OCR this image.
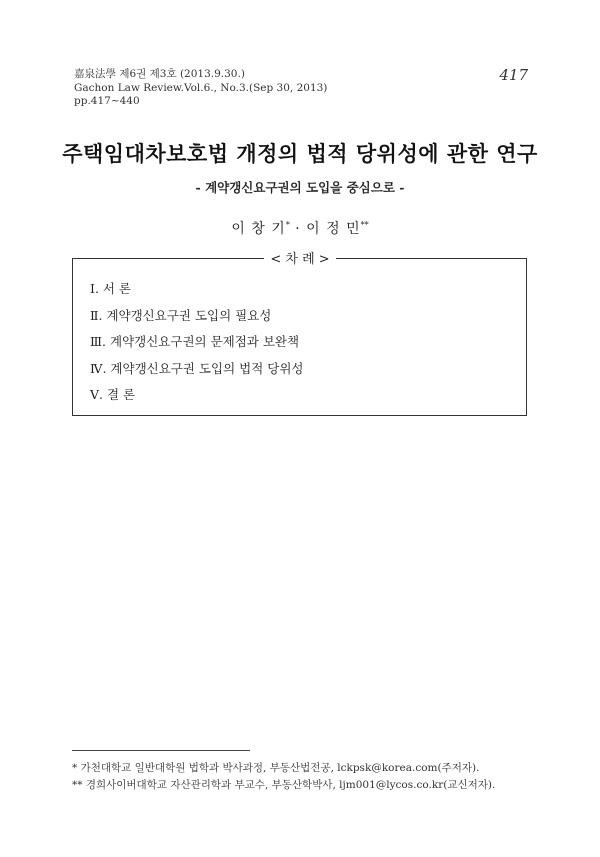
嘉泉法學 제6권 제3호 (2013.9.30.)
Gachon Law Review.Vol.6., No.3.(Sep 30, 2013)
pp.417~440
417
주택임대차보호법 개정의 법적 당위성에 관한 연구
- 계약갱신요구권의 도입을 중심으로 -
이 창 기* · 이 정 민**
< 차 례 >
Ⅰ. 서 론
Ⅱ. 계약갱신요구권 도입의 필요성
Ⅲ. 계약갱신요구권의 문제점과 보완책
Ⅳ. 계약갱신요구권 도입의 법적 당위성
Ⅴ. 결 론
* 가천대학교 일반대학원 법학과 박사과정, 부동산법전공, lckpsk@korea.com(주저자).
** 경희사이버대학교 자산관리학과 부교수, 부동산학박사, ljm001@lycos.co.kr(교신저자).
